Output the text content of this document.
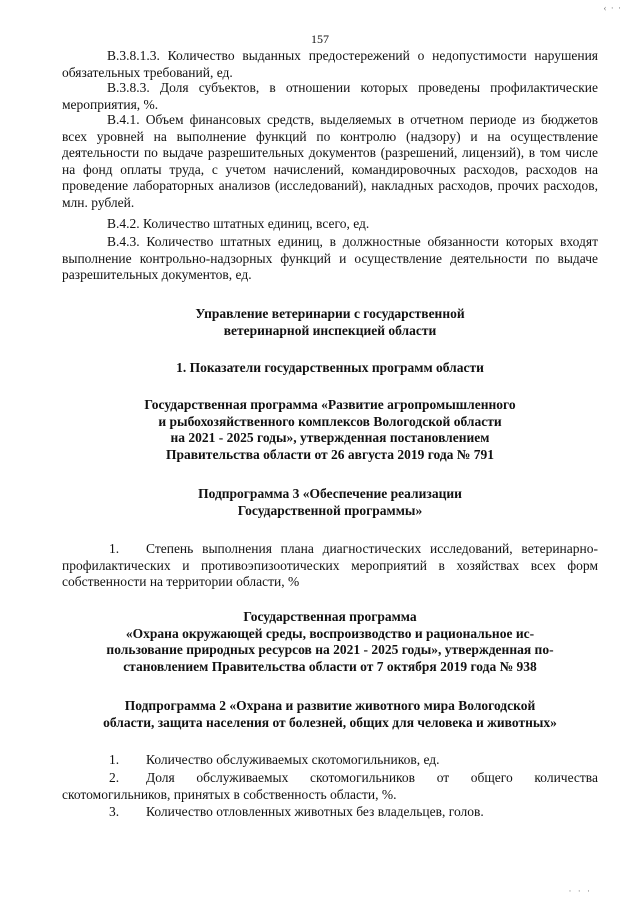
‹ · ·
157
В.3.8.1.3. Количество выданных предостережений о недопустимости нарушения обязательных требований, ед.
В.3.8.3. Доля субъектов, в отношении которых проведены профилактические мероприятия, %.
В.4.1. Объем финансовых средств, выделяемых в отчетном периоде из бюджетов всех уровней на выполнение функций по контролю (надзору) и на осуществление деятельности по выдаче разрешительных документов (разрешений, лицензий), в том числе на фонд оплаты труда, с учетом начислений, командировочных расходов, расходов на проведение лабораторных анализов (исследований), накладных расходов, прочих расходов, млн. рублей.
В.4.2. Количество штатных единиц, всего, ед.
В.4.3. Количество штатных единиц, в должностные обязанности которых входят выполнение контрольно-надзорных функций и осуществление деятельности по выдаче разрешительных документов, ед.
Управление ветеринарии с государственной
ветеринарной инспекцией области
1. Показатели государственных программ области
Государственная программа «Развитие агропромышленного
и рыбохозяйственного комплексов Вологодской области
на 2021 - 2025 годы», утвержденная постановлением
Правительства области от 26 августа 2019 года № 791
Подпрограмма 3 «Обеспечение реализации
Государственной программы»
1. Степень выполнения плана диагностических исследований, ветеринарно-профилактических и противоэпизоотических мероприятий в хозяйствах всех форм собственности на территории области, %
Государственная программа
«Охрана окружающей среды, воспроизводство и рациональное ис-
пользование природных ресурсов на 2021 - 2025 годы», утвержденная по-
становлением Правительства области от 7 октября 2019 года № 938
Подпрограмма 2 «Охрана и развитие животного мира Вологодской
области, защита населения от болезней, общих для человека и животных»
1. Количество обслуживаемых скотомогильников, ед.
2. Доля обслуживаемых скотомогильников от общего количества скотомогильников, принятых в собственность области, %.
3. Количество отловленных животных без владельцев, голов.
· · ·
